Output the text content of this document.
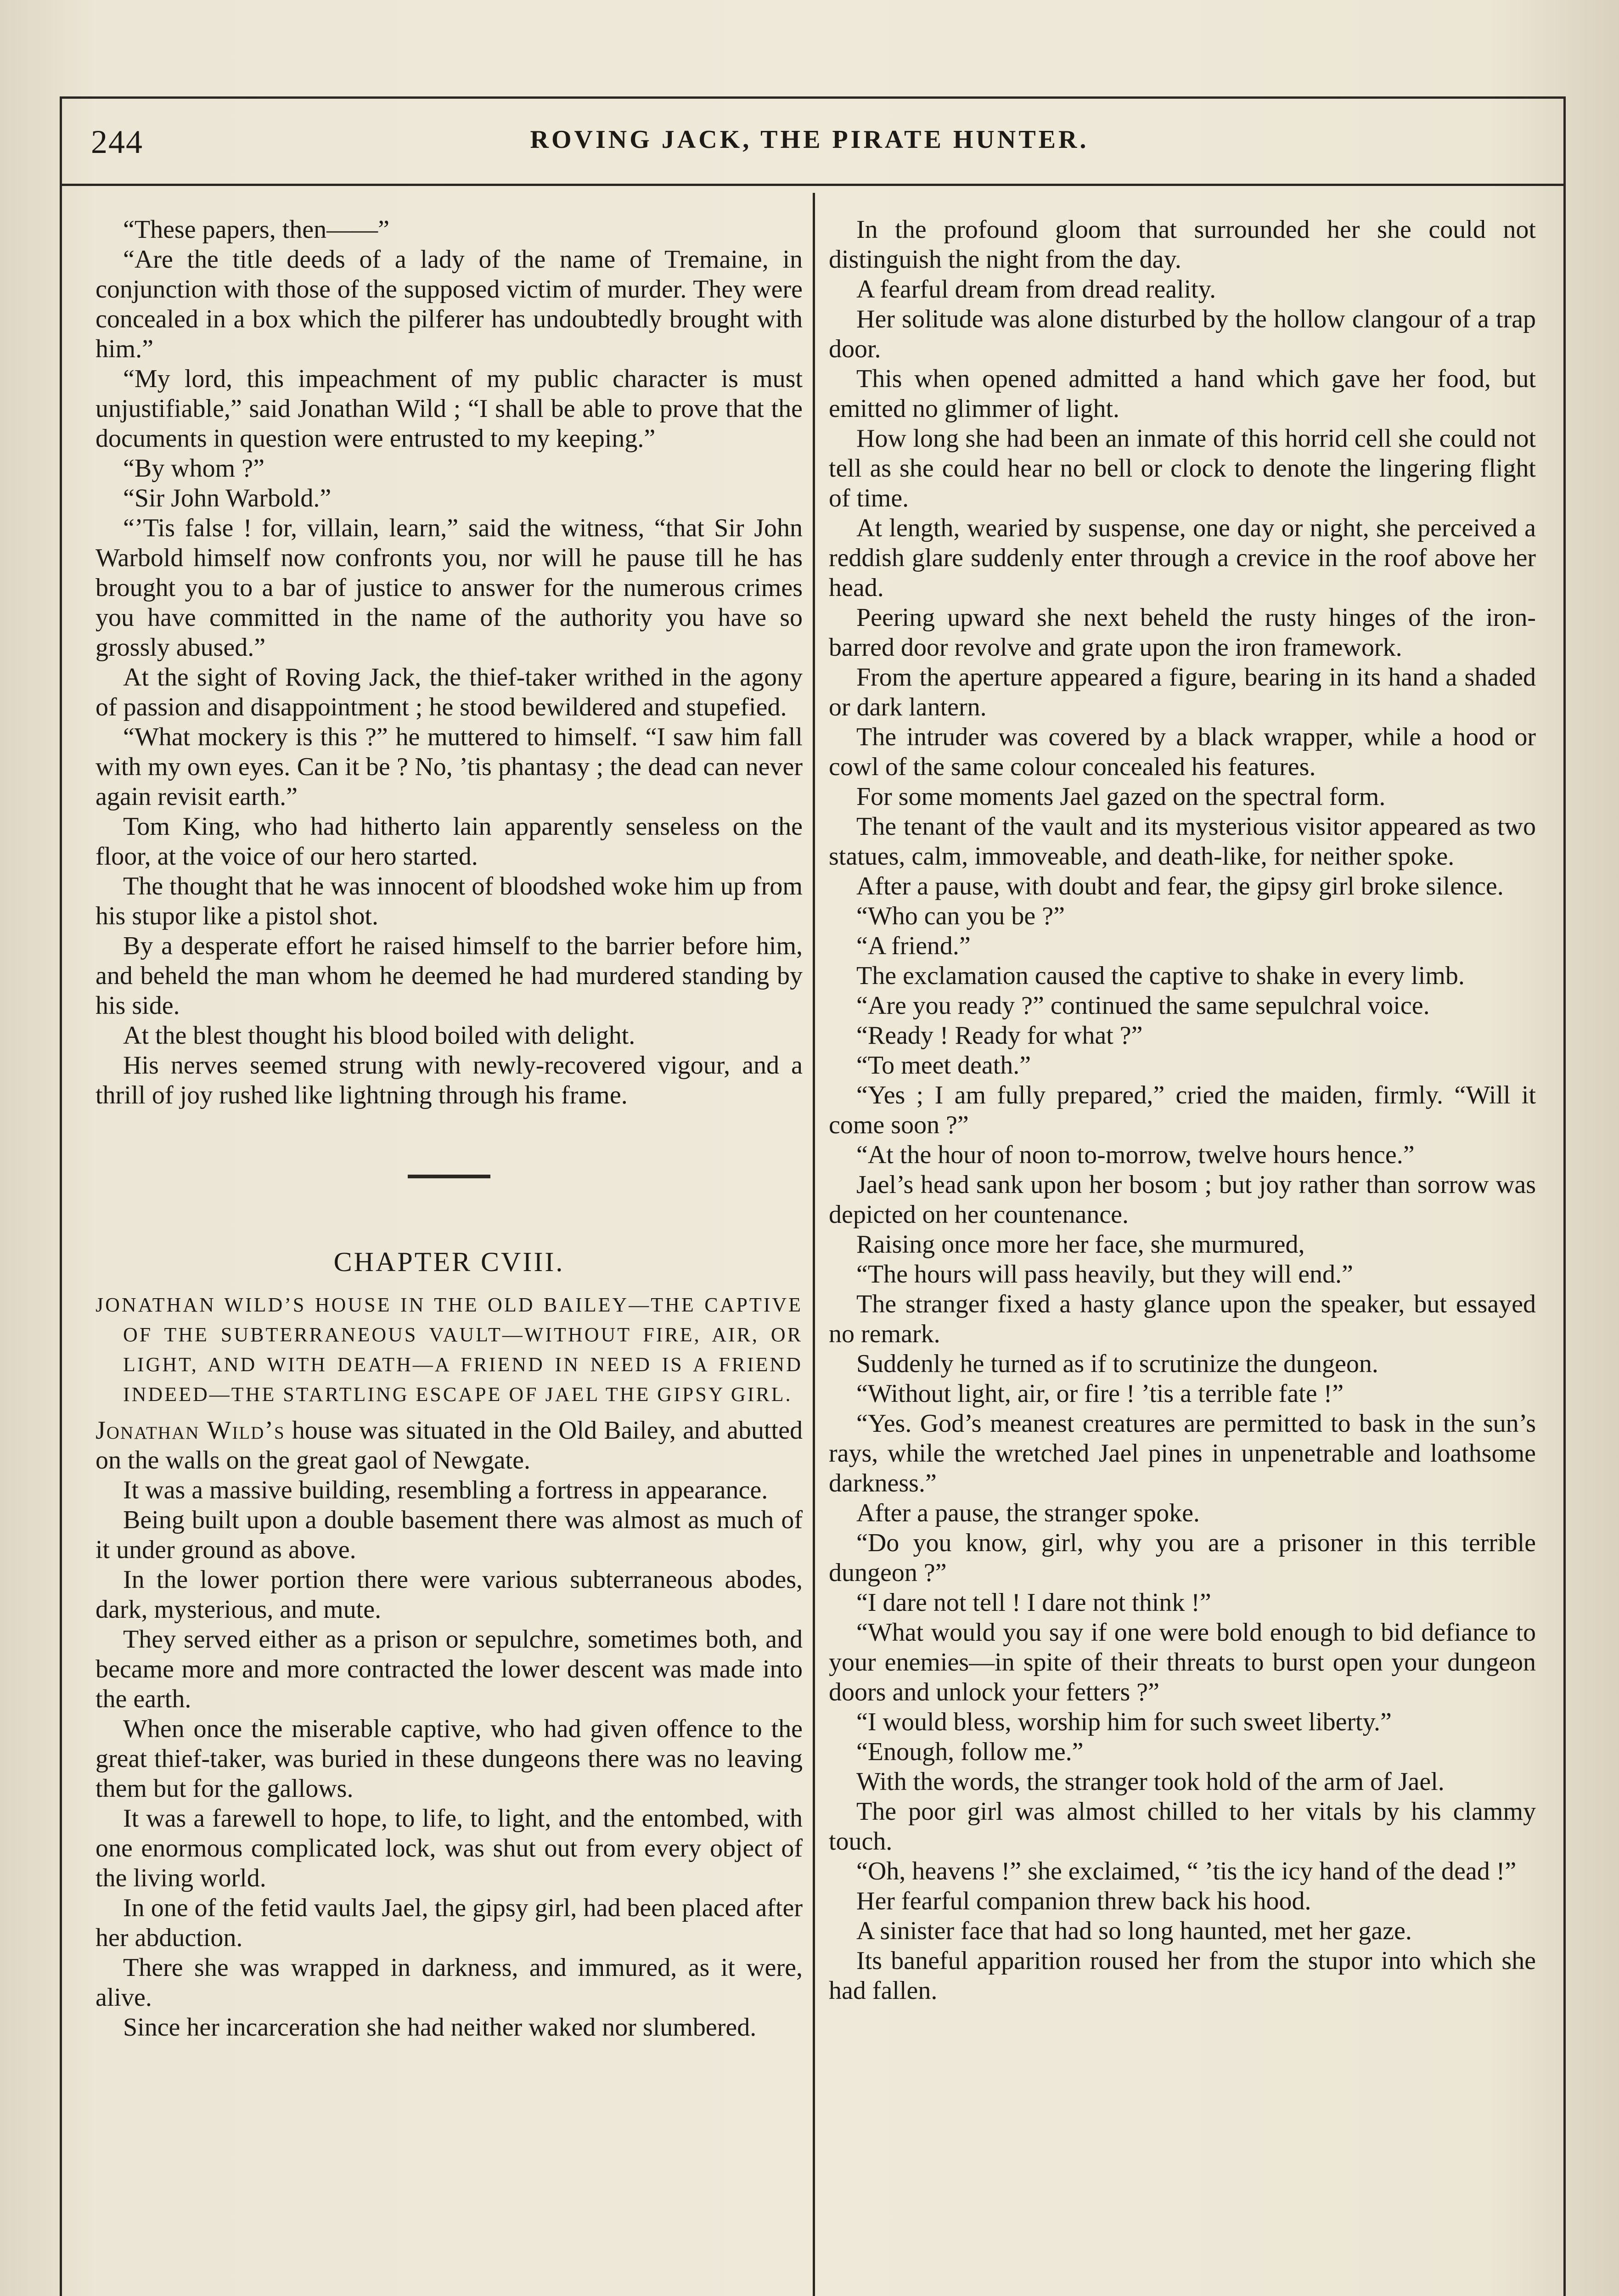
244	ROVING JACK, THE PIRATE HUNTER.

“These papers, then——”

“Are the title deeds of a lady of the name of Tremaine, in conjunction with those of the supposed victim of murder. They were concealed in a box which the pilferer has undoubtedly brought with him.”

“My lord, this impeachment of my public character is must unjustifiable,” said Jonathan Wild ; “I shall be able to prove that the documents in question were entrusted to my keeping.”

“By whom ?”

“Sir John Warbold.”

“’Tis false ! for, villain, learn,” said the witness, “that Sir John Warbold himself now confronts you, nor will he pause till he has brought you to a bar of justice to answer for the numerous crimes you have committed in the name of the authority you have so grossly abused.”

At the sight of Roving Jack, the thief-taker writhed in the agony of passion and disappointment ; he stood bewildered and stupefied.

“What mockery is this ?” he muttered to himself. “I saw him fall with my own eyes. Can it be ? No, ’tis phantasy ; the dead can never again revisit earth.”

Tom King, who had hitherto lain apparently senseless on the floor, at the voice of our hero started.

The thought that he was innocent of bloodshed woke him up from his stupor like a pistol shot.

By a desperate effort he raised himself to the barrier before him, and beheld the man whom he deemed he had murdered standing by his side.

At the blest thought his blood boiled with delight.

His nerves seemed strung with newly-recovered vigour, and a thrill of joy rushed like lightning through his frame.

CHAPTER CVIII.
JONATHAN WILD’S HOUSE IN THE OLD BAILEY—THE CAPTIVE OF THE SUBTERRANEOUS VAULT—WITHOUT FIRE, AIR, OR LIGHT, AND WITH DEATH—A FRIEND IN NEED IS A FRIEND INDEED—THE STARTLING ESCAPE OF JAEL THE GIPSY GIRL.

Jonathan Wild’s house was situated in the Old Bailey, and abutted on the walls on the great gaol of Newgate.

It was a massive building, resembling a fortress in appearance.

Being built upon a double basement there was almost as much of it under ground as above.

In the lower portion there were various subterraneous abodes, dark, mysterious, and mute.

They served either as a prison or sepulchre, sometimes both, and became more and more contracted the lower descent was made into the earth.

When once the miserable captive, who had given offence to the great thief-taker, was buried in these dungeons there was no leaving them but for the gallows.

It was a farewell to hope, to life, to light, and the entombed, with one enormous complicated lock, was shut out from every object of the living world.

In one of the fetid vaults Jael, the gipsy girl, had been placed after her abduction.

There she was wrapped in darkness, and immured, as it were, alive.

Since her incarceration she had neither waked nor slumbered.

In the profound gloom that surrounded her she could not distinguish the night from the day.

A fearful dream from dread reality.

Her solitude was alone disturbed by the hollow clangour of a trap door.

This when opened admitted a hand which gave her food, but emitted no glimmer of light.

How long she had been an inmate of this horrid cell she could not tell as she could hear no bell or clock to denote the lingering flight of time.

At length, wearied by suspense, one day or night, she perceived a reddish glare suddenly enter through a crevice in the roof above her head.

Peering upward she next beheld the rusty hinges of the iron-barred door revolve and grate upon the iron framework.

From the aperture appeared a figure, bearing in its hand a shaded or dark lantern.

The intruder was covered by a black wrapper, while a hood or cowl of the same colour concealed his features.

For some moments Jael gazed on the spectral form.

The tenant of the vault and its mysterious visitor appeared as two statues, calm, immoveable, and death-like, for neither spoke.

After a pause, with doubt and fear, the gipsy girl broke silence.

“Who can you be ?”

“A friend.”

The exclamation caused the captive to shake in every limb.

“Are you ready ?” continued the same sepulchral voice.

“Ready ! Ready for what ?”

“To meet death.”

“Yes ; I am fully prepared,” cried the maiden, firmly. “Will it come soon ?”

“At the hour of noon to-morrow, twelve hours hence.”

Jael’s head sank upon her bosom ; but joy rather than sorrow was depicted on her countenance.

Raising once more her face, she murmured,

“The hours will pass heavily, but they will end.”

The stranger fixed a hasty glance upon the speaker, but essayed no remark.

Suddenly he turned as if to scrutinize the dungeon.

“Without light, air, or fire ! ’tis a terrible fate !”

“Yes. God’s meanest creatures are permitted to bask in the sun’s rays, while the wretched Jael pines in unpenetrable and loathsome darkness.”

After a pause, the stranger spoke.

“Do you know, girl, why you are a prisoner in this terrible dungeon ?”

“I dare not tell ! I dare not think !”

“What would you say if one were bold enough to bid defiance to your enemies—in spite of their threats to burst open your dungeon doors and unlock your fetters ?”

“I would bless, worship him for such sweet liberty.”

“Enough, follow me.”

With the words, the stranger took hold of the arm of Jael.

The poor girl was almost chilled to her vitals by his clammy touch.

“Oh, heavens !” she exclaimed, “ ’tis the icy hand of the dead !”

Her fearful companion threw back his hood.

A sinister face that had so long haunted, met her gaze.

Its baneful apparition roused her from the stupor into which she had fallen.
